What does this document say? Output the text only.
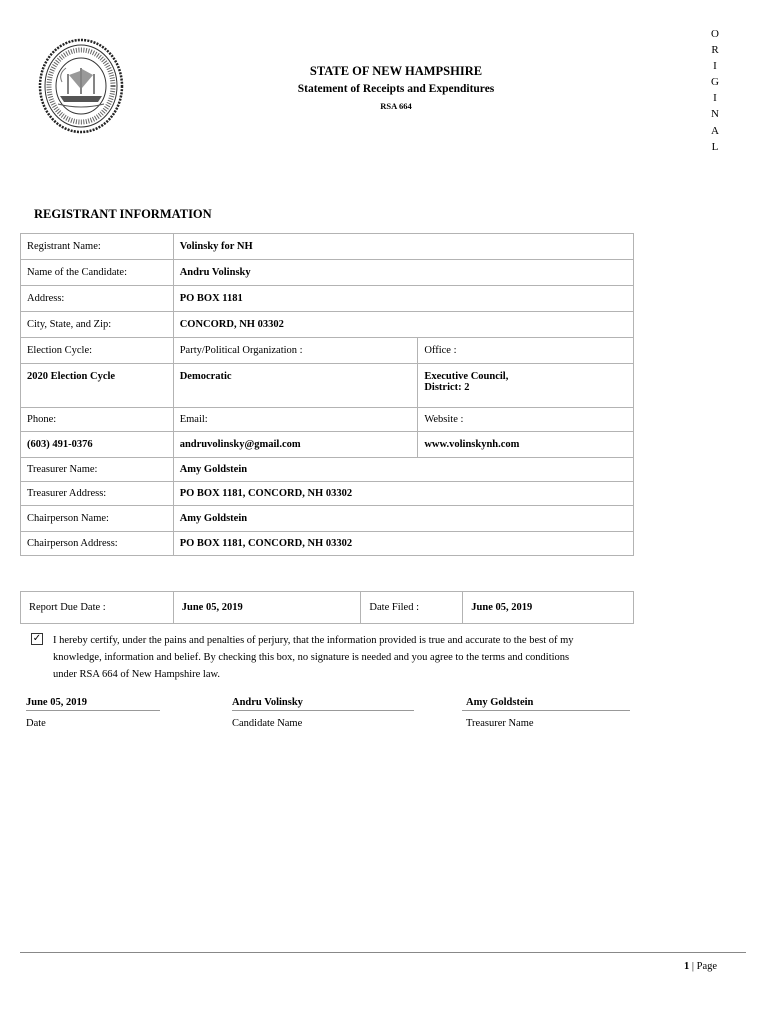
O
R
I
G
I
N
A
L
STATE OF NEW HAMPSHIRE
Statement of Receipts and Expenditures
RSA 664
REGISTRANT INFORMATION
Registrant Name:	Volinsky for NH	
Name of the Candidate:	Andru Volinsky	
Address:	PO BOX 1181	
City, State, and Zip:	CONCORD, NH 03302	
Election Cycle:	Party/Political Organization :	Office :
2020 Election Cycle	Democratic	Executive Council,
District: 2
Phone:	Email:	Website :
(603) 491-0376	andruvolinsky@gmail.com	www.volinskynh.com
Treasurer Name:	Amy Goldstein	
Treasurer Address:	PO BOX 1181, CONCORD, NH 03302	
Chairperson Name:	Amy Goldstein	
Chairperson Address:	PO BOX 1181, CONCORD, NH 03302	
Report Due Date :	June 05, 2019	Date Filed :	June 05, 2019
✓ I hereby certify, under the pains and penalties of perjury, that the information provided is true and accurate to the best of my knowledge, information and belief. By checking this box, no signature is needed and you agree to the terms and conditions under RSA 664 of New Hampshire law.
June 05, 2019
Date
Andru Volinsky
Candidate Name
Amy Goldstein
Treasurer Name
1 | Page
